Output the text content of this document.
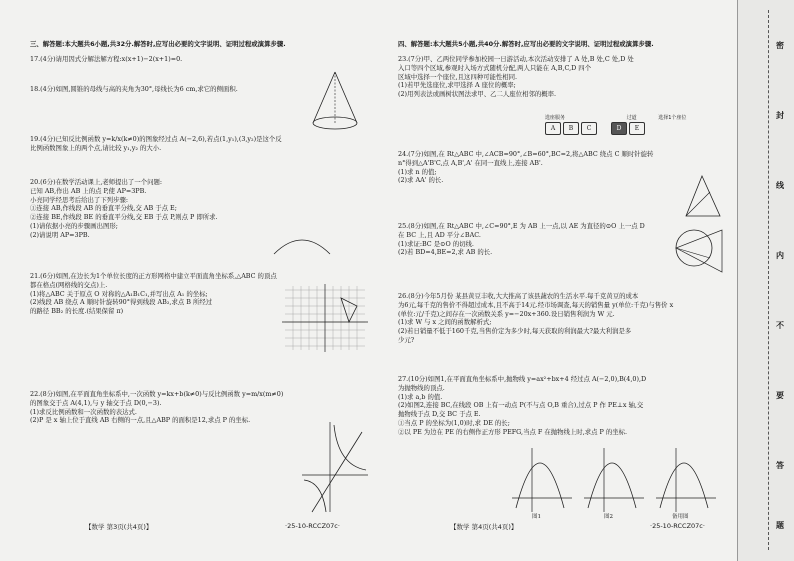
三、解答题:本大题共6小题,共32分.解答时,应写出必要的文字说明、证明过程或演算步骤.

17.(4分)请用因式分解法解方程:x(x+1)−2(x+1)=0.

18.(4分)如图,圆锥的母线与高的夹角为30°,母线长为6 cm,求它的侧面积.

19.(4分)已知反比例函数 y=k/x(k≠0)的图象经过点 A(−2,6),若点(1,y₁),(3,y₂)是这个反

比例函数图象上的两个点,请比较 y₁,y₂ 的大小.

20.(6分)在数学活动课上,老师提出了一个问题:

已知 AB,作出 AB 上的点 P,使 AP=3PB.

小亮同学经思考后给出了下列步骤:

①连接 AB,作线段 AB 的垂直平分线,交 AB 于点 E;

②连接 BE,作线段 BE 的垂直平分线,交 EB 于点 P,则点 P 即所求.

(1)请依据小亮的步骤画出图形;

(2)请说明 AP=3PB.

21.(6分)如图,在边长为1个单位长度的正方形网格中建立平面直角坐标系,△ABC 的顶点

都在格点(网格线的交点)上.

(1)将△ABC 关于原点 O 对称的△A₁B₁C₁,并写出点 A₁ 的坐标;

(2)线段 AB 绕点 A 顺时针旋转90°得到线段 AB₂,求点 B 所经过

的路径 BB₂ 的长度.(结果保留 π)

22.(8分)如图,在平面直角坐标系中,一次函数 y=kx+b(k≠0)与反比例函数 y=m/x(m≠0)

的图象交于点 A(4,1),与 y 轴交于点 D(0,−3).

(1)求反比例函数和一次函数的表达式.

(2)P 是 x 轴上位于直线 AB 右侧的一点,且△ABP 的面积是12,求点 P 的坐标.

【数学 第3页(共4页)】	·25-10-RCCZ07c·
四、解答题:本大题共5小题,共40分.解答时,应写出必要的文字说明、证明过程或演算步骤.

23.(7分)甲、乙两位同学参加校园一日游活动,本次活动安排了 A 处,B 处,C 处,D 处

入口等四个区域,参观时入场方式随机分配,两人只能在 A,B,C,D 四个

区域中选择一个座位,且这四种可能性相同.

(1)若甲先选座位,求甲选择 A 座位的概率;

(2)用列表法或画树状图法求甲、乙二人座位相邻的概率.

24.(7分)如图,在 Rt△ABC 中,∠ACB=90°,∠B=60°,BC=2,将△ABC 绕点 C 顺时针旋转

n°得到△A'B'C,点 A,B',A' 在同一直线上,连接 AB'.

(1)求 n 的值;

(2)求 AA' 的长.

25.(8分)如图,在 Rt△ABC 中,∠C=90°,E 为 AB 上一点,以 AE 为直径的⊙O 上一点 D

在 BC 上,且 AD 平分∠BAC.

(1)求证:BC 是⊙O 的切线.

(2)若 BD=4,BE=2,求 AB 的长.

26.(8分)今年5月份 某县黄豆丰收,大大推高了该县蔬农的生活水平.每千克黄豆的成本

为6元,每千克的售价不得超过成本,且不高于14元.经市场调查,每天的销售量 y(单位:千克)与售价 x

(单位:元/千克)之间存在一次函数关系 y=−20x+360.设日销售利润为 W 元.

(1)求 W 与 x 之间的函数解析式;

(2)若日销量不低于160千克,当售价定为多少时,每天获取的利润最大?最大利润是多

少元?

27.(10分)如图1,在平面直角坐标系中,抛物线 y=ax²+bx+4 经过点 A(−2,0),B(4,0),D

为抛物线的顶点.

(1)求 a,b 的值.

(2)如图2,连接 BC,在线段 OB 上有一动点 P(不与点 O,B 重合),过点 P 作 PE⊥x 轴,交

抛物线于点 D,交 BC 于点 E.

①当点 P 的坐标为(1,0)时,求 DE 的长;

②以 PE 为边在 PE 的右侧作正方形 PEFG,当点 F 在抛物线上时,求点 P 的坐标.

选座服务	过道	选择1个座位
A B C	D E
图1	图2	备用图
【数学 第4页(共4页)】	·25-10-RCCZ07c·
密
封
线
内
不
要
答
题
